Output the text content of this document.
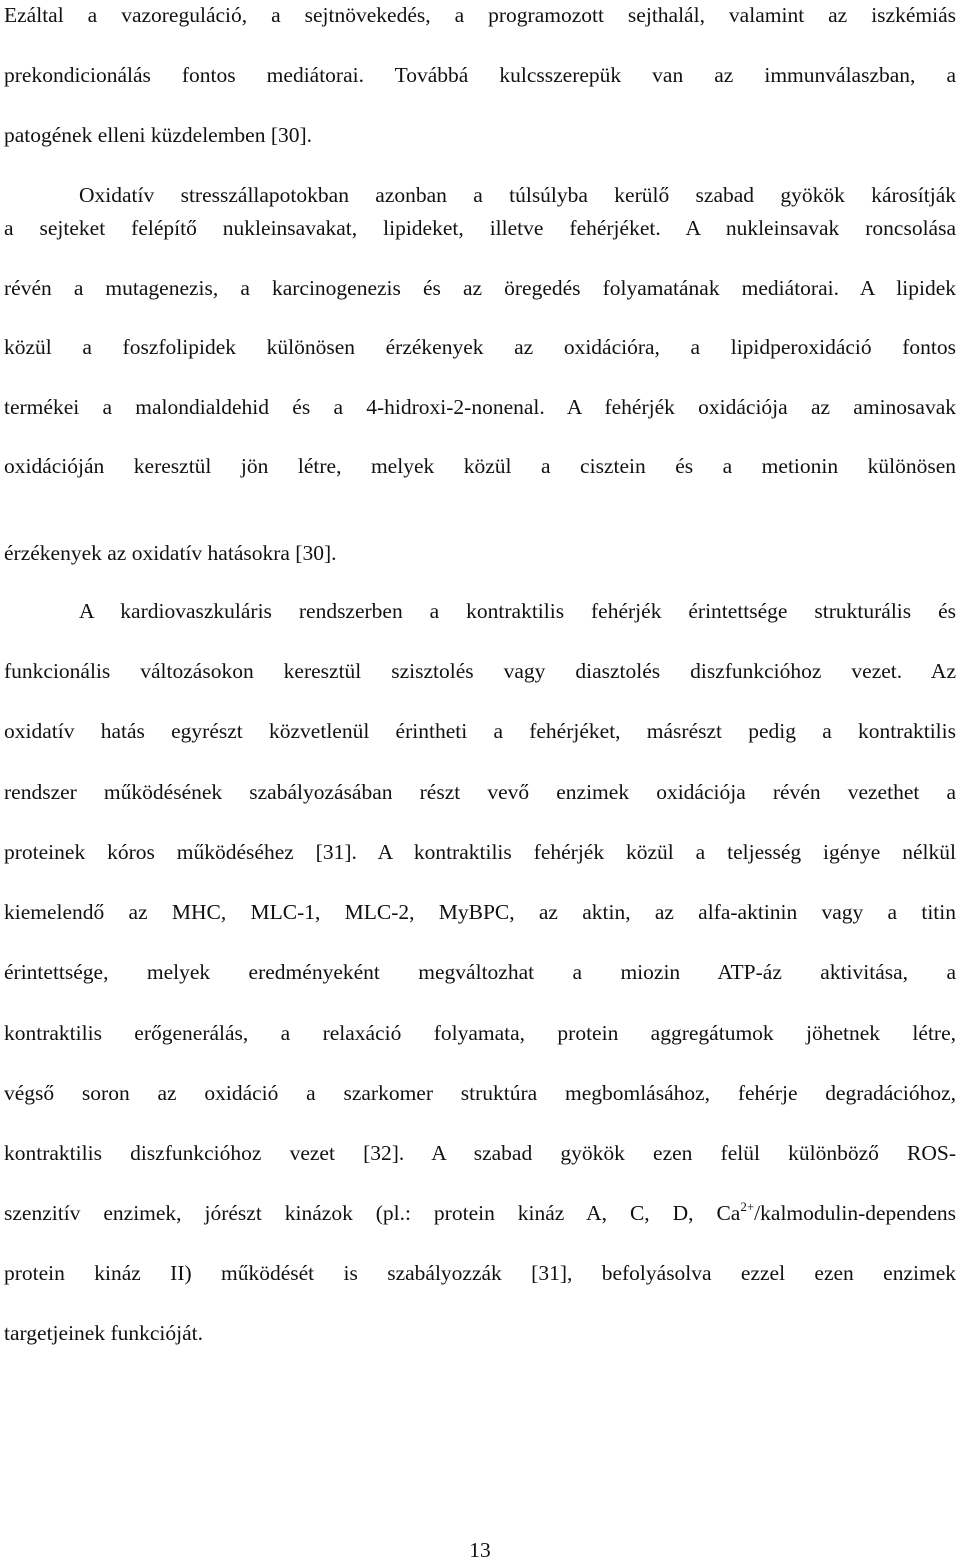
Ezáltal a vazoreguláció, a sejtnövekedés, a programozott sejthalál, valamint az iszkémiás
prekondicionálás fontos mediátorai. Továbbá kulcsszerepük van az immunválaszban, a
patogének elleni küzdelemben [30].
Oxidatív stresszállapotokban azonban a túlsúlyba kerülő szabad gyökök károsítják
a sejteket felépítő nukleinsavakat, lipideket, illetve fehérjéket. A nukleinsavak roncsolása
révén a mutagenezis, a karcinogenezis és az öregedés folyamatának mediátorai. A lipidek
közül a foszfolipidek különösen érzékenyek az oxidációra, a lipidperoxidáció fontos
termékei a malondialdehid és a 4-hidroxi-2-nonenal. A fehérjék oxidációja az aminosavak
oxidációján keresztül jön létre, melyek közül a cisztein és a metionin különösen
érzékenyek az oxidatív hatásokra [30].
A kardiovaszkuláris rendszerben a kontraktilis fehérjék érintettsége strukturális és
funkcionális változásokon keresztül szisztolés vagy diasztolés diszfunkcióhoz vezet. Az
oxidatív hatás egyrészt közvetlenül érintheti a fehérjéket, másrészt pedig a kontraktilis
rendszer működésének szabályozásában részt vevő enzimek oxidációja révén vezethet a
proteinek kóros működéséhez [31]. A kontraktilis fehérjék közül a teljesség igénye nélkül
kiemelendő az MHC, MLC-1, MLC-2, MyBPC, az aktin, az alfa-aktinin vagy a titin
érintettsége, melyek eredményeként megváltozhat a miozin ATP-áz aktivitása, a
kontraktilis erőgenerálás, a relaxáció folyamata, protein aggregátumok jöhetnek létre,
végső soron az oxidáció a szarkomer struktúra megbomlásához, fehérje degradációhoz,
kontraktilis diszfunkcióhoz vezet [32]. A szabad gyökök ezen felül különböző ROS-
szenzitív enzimek, jórészt kinázok (pl.: protein kináz A, C, D, $Ca^{2+}/kalmodulin$-dependens
protein kináz II) működését is szabályozzák [31], befolyásolva ezzel ezen enzimek
targetjeinek funkcióját.
13
